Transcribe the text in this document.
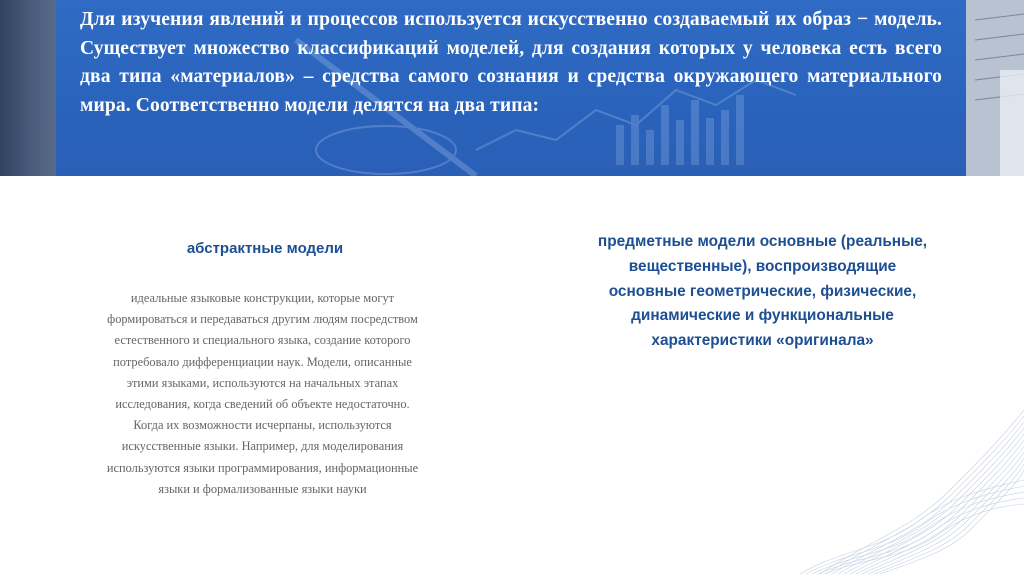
Для изучения явлений и процессов используется искусственно создаваемый их образ − модель. Существует множество классификаций моделей, для создания которых у человека есть всего два типа «материалов» – средства самого сознания и средства окружающего материального мира. Соответственно модели делятся на два типа:
абстрактные модели

идеальные языковые конструкции, которые могут формироваться и передаваться другим людям посредством естественного и специального языка, создание которого потребовало дифференциации наук. Модели, описанные этими языками, используются на начальных этапах исследования, когда сведений об объекте недостаточно. Когда их возможности исчерпаны, используются искусственные языки. Например, для моделирования используются языки программирования, информационные языки и формализованные языки науки

предметные модели основные (реальные, вещественные), воспроизводящие основные геометрические, физические, динамические и функциональные характеристики «оригинала»
